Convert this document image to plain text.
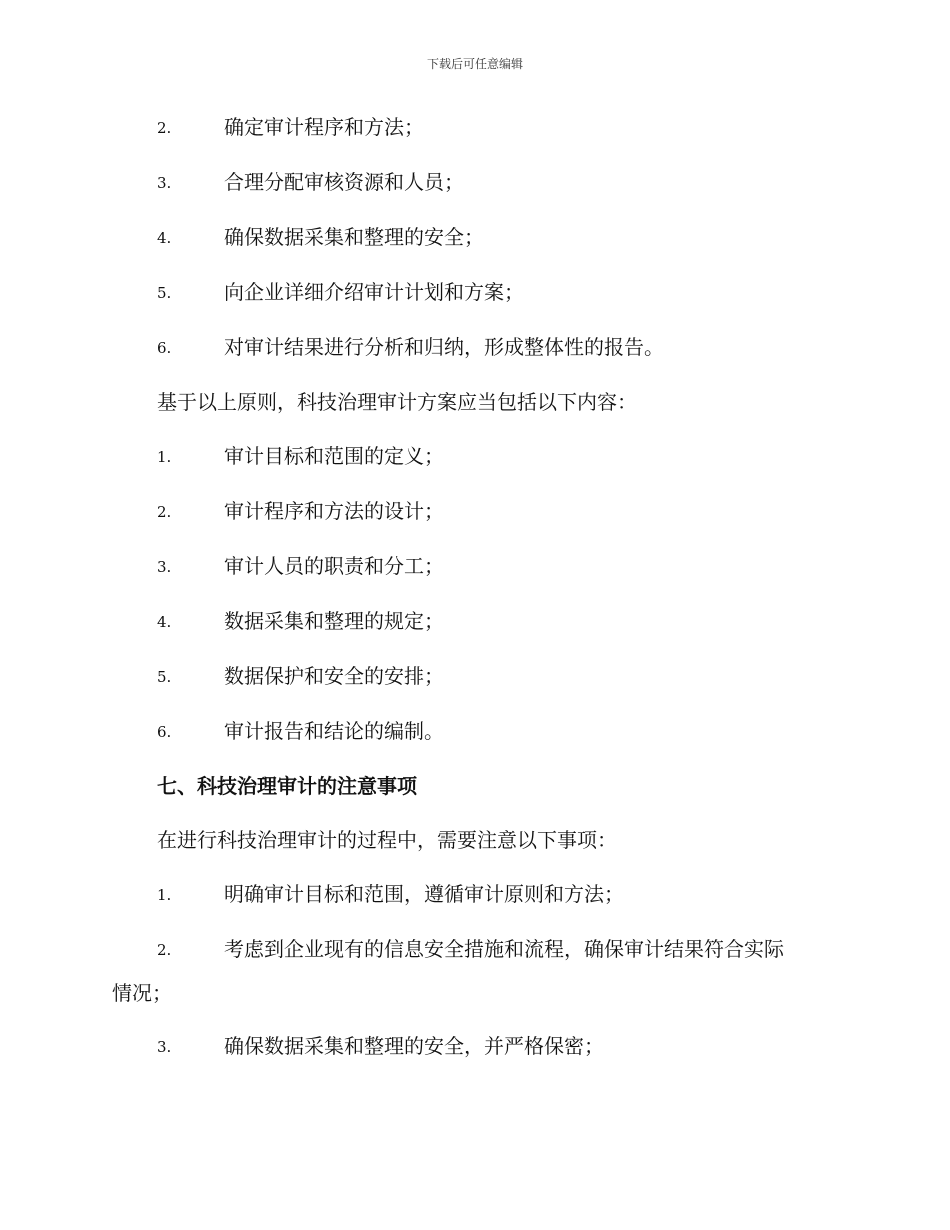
下载后可任意编辑
2.	确定审计程序和方法；
3.	合理分配审核资源和人员；
4.	确保数据采集和整理的安全；
5.	向企业详细介绍审计计划和方案；
6.	对审计结果进行分析和归纳，形成整体性的报告。
基于以上原则，科技治理审计方案应当包括以下内容：
1.	审计目标和范围的定义；
2.	审计程序和方法的设计；
3.	审计人员的职责和分工；
4.	数据采集和整理的规定；
5.	数据保护和安全的安排；
6.	审计报告和结论的编制。
七、科技治理审计的注意事项
在进行科技治理审计的过程中，需要注意以下事项：
1.	明确审计目标和范围，遵循审计原则和方法；
2.	考虑到企业现有的信息安全措施和流程，确保审计结果符合实际
情况；
3.	确保数据采集和整理的安全，并严格保密；
